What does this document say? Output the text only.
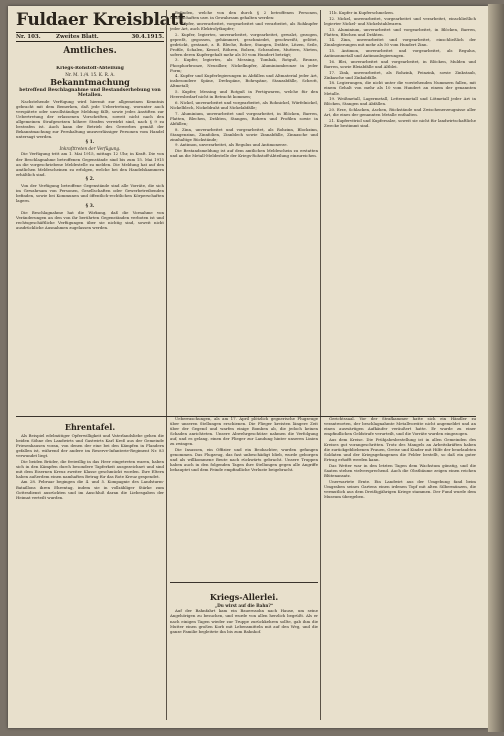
Fuldaer Kreisblatt
Nr. 103.	Zweites Blatt.	30.4.1915.
Amtliches.

Kriegs-Rohstoff-Abteilung

Nr. M. 1./4. 15. K. R. A.

Bekanntmachung

betreffend Beschlagnahme und Bestandserhebung von Metallen.

Nachstehende Verfügung wird hiermit zur allgemeinen Kenntnis gebracht mit dem Bemerken, daß jede Uebertretung, worunter auch verspätete oder unvollständige Meldung fällt, sowie jedes Anstiften zur Uebertretung der erlassenen Vorschriften, soweit nicht nach den allgemeinen Strafgesetzen höhere Strafen verwirkt sind, nach § 9 zu bestrafen ist. Auch kann der Betrieb des Gewerbes gemäß der Bekanntmachung zur Fernhaltung unzuverlässiger Personen vom Handel untersagt werden.

§ 1.

Inkrafttreten der Verfügung.

Die Verfügung tritt am 1. Mai 1915, mittags 12 Uhr, in Kraft. Die von der Beschlagnahme betroffenen Gegenstände sind bis zum 15. Mai 1915 an die vorgeschriebene Meldestelle zu melden. Die Meldung hat auf den amtlichen Meldescheinen zu erfolgen, welche bei den Handelskammern erhältlich sind.

§ 2.

Von der Verfügung betroffene Gegenstände sind alle Vorräte, die sich im Gewahrsam von Personen, Gesellschaften oder Gewerbetreibenden befinden, sowie bei Kommunen und öffentlich-rechtlichen Körperschaften lagern.

§ 3.

Die Beschlagnahme hat die Wirkung, daß die Vornahme von Veränderungen an den von ihr berührten Gegenständen verboten ist und rechtsgeschäftliche Verfügungen über sie nichtig sind, soweit nicht ausdrückliche Ausnahmen zugelassen werden.

Befinden, welche von den durch § 2 betroffenen Personen, Gesellschaften usw. in Gewahrsam gehalten werden:

1. Kupfer, unverarbeitet, vorgearbeitet und verarbeitet, als Rohkupfer jeder Art, auch Elektrolytkupfer;

2. Kupfer, legiertes, unverarbeitet, vorgearbeitet, gewalzt, gezogen, gepreßt, gegossen, gehämmert, geschmiedet, geschweißt, gelötet, gedrückt, gestanzt, z. B. Bleche, Rohre, Stangen, Drähte, Litzen, Seile, Profile, Schalen, Kessel, Röhren, Bolzen, Schrauben, Muttern, Nieten, sofern deren Kupfergehalt mehr als 50 vom Hundert beträgt;

3. Kupfer, legiertes, als Messing, Tombak, Rotguß, Bronze, Phosphorbronze, Neusilber, Nickelkupfer, Aluminiumbronze in jeder Form;

4. Kupfer und Kupferlegierungen in Abfällen und Altmaterial jeder Art, insbesondere Späne, Drehspäne, Bohrspäne, Stanzabfälle, Schrott, Altmetall;

5. Kupfer, Messing und Rotguß in Fertigwaren, welche für den Heeresbedarf nicht in Betracht kommen;

6. Nickel, unverarbeitet und vorgearbeitet, als Rohnickel, Würfelnickel, Nickelblech, Nickeldraht und Nickelabfälle;

7. Aluminium, unverarbeitet und vorgearbeitet, in Blöcken, Barren, Platten, Blechen, Drähten, Stangen, Rohren und Profilen sowie in Abfällen;

8. Zinn, unverarbeitet und vorgearbeitet, als Rohzinn, Blockzinn, Stangenzinn, Zinnfolien, Zinnblech sowie Zinnabfälle, Zinnasche und zinnhaltige Rückstände;

9. Antimon, unverarbeitet, als Regulus und Antimonerze.

Die Bestandsmeldung ist auf dem amtlichen Meldeschein zu erstatten und an die Metall-Meldestelle der Kriegs-Rohstoff-Abteilung einzureichen.

11b. Kupfer in Kupferschmelzen.

12. Nickel, unverarbeitet, vorgearbeitet und verarbeitet, einschließlich legierter Nickel- und Nickelstahlwaren.

13. Aluminium, unverarbeitet und vorgearbeitet, in Blöcken, Barren, Platten, Blechen und Drähten.

14. Zinn, unverarbeitet und vorgearbeitet, einschließlich der Zinnlegierungen mit mehr als 50 vom Hundert Zinn.

15. Antimon, unverarbeitet und vorgearbeitet, als Regulus, Antimonmetall und Antimonlegierungen.

16. Blei, unverarbeitet und vorgearbeitet, in Blöcken, Mulden und Barren, sowie Bleiabfälle und Altblei.

17. Zink, unverarbeitet, als Rohzink, Feinzink, sowie Zinkstaub, Zinkasche und Zinkabfälle.

18. Legierungen, die nicht unter die vorstehenden Nummern fallen, mit einem Gehalt von mehr als 10 vom Hundert an einem der genannten Metalle.

19. Weißmetall, Lagermetall, Letternmetall und Lötmetall jeder Art in Blöcken, Stangen und Abfällen.

20. Erze, Schlacken, Aschen, Rückstände und Zwischenerzeugnisse aller Art, die eines der genannten Metalle enthalten.

21. Kupfervitriol und Kupfersalze, soweit sie nicht für landwirtschaftliche Zwecke bestimmt sind.

Ehrentafel.

Als Beispiel edelmütiger Opferwilligkeit und Vaterlandsliebe gehen die beiden Söhne des Landwirts und Gastwirts Karl Kreß aus der Gemeinde Friesenhausen voran, von denen der eine bei den Kämpfen in Flandern gefallen ist, während der andere im Reserve-Infanterie-Regiment Nr. 83 verwundet liegt.

Die beiden Brüder, die freiwillig in das Heer eingetreten waren, haben sich in den Kämpfen durch besondere Tapferkeit ausgezeichnet und sind mit dem Eisernen Kreuz zweiter Klasse geschmückt worden. Ihre Eltern haben außerdem einen namhaften Betrag für das Rote Kreuz gespendet.

Am 28. Februar begingen die 4. und 5. Kompagnie des Landsturm-Bataillons ihren Ehrentag, indem sie in vollzähliger Stärke zum Gottesdienst ausrückten und im Anschluß daran die Liebesgaben der Heimat verteilt wurden.

Ueberraschungen, als am 17. April plötzlich gegnerische Flugzeuge über unseren Stellungen erschienen. Die Flieger kreisten längere Zeit über der Gegend und warfen einige Bomben ab, die jedoch keinen Schaden anrichteten. Unsere Abwehrgeschütze nahmen die Verfolgung auf, und es gelang, einen der Flieger zur Landung hinter unseren Linien zu zwingen.

Die Insassen, ein Offizier und ein Beobachter, wurden gefangen genommen. Das Flugzeug, das fast unbeschädigt blieb, wurde geborgen und als willkommene Beute nach rückwärts gebracht. Unsere Truppen haben auch in den folgenden Tagen ihre Stellungen gegen alle Angriffe behauptet und dem Feinde empfindliche Verluste beigebracht.

Kriegs-Allerlei.

„Du wirst auf die Bahn?“

Auf der Bahnfahrt kam ein Bauernsohn nach Hause, um seine Angehörigen zu besuchen, und wurde von allen herzlich begrüßt. Als er nach einigen Tagen wieder zur Truppe zurückkehren sollte, gab ihm die Mutter einen großen Korb mit Lebensmitteln mit auf den Weg, und die ganze Familie begleitete ihn bis zum Bahnhof.

Gerichtssaal. Vor der Strafkammer hatte sich ein Händler zu verantworten, der beschlagnahmte Metallvorräte nicht angemeldet und an einen auswärtigen Aufkäufer veräußert hatte. Er wurde zu einer empfindlichen Geldstrafe verurteilt, und die Vorräte wurden eingezogen.

Aus dem Kreise. Die Frühjahrsbestellung ist in allen Gemeinden des Kreises gut vorangeschritten. Trotz des Mangels an Arbeitskräften haben die zurückgebliebenen Frauen, Greise und Kinder mit Hilfe der beurlaubten Soldaten und der Kriegsgefangenen die Felder bestellt, so daß ein guter Ertrag erhofft werden kann.

Das Wetter war in den letzten Tagen dem Wachstum günstig, und die Saaten stehen vielversprechend. Auch die Obstbäume zeigen einen reichen Blütenansatz.

Unerwartete Ernte. Ein Landwirt aus der Umgebung fand beim Umgraben seines Gartens einen irdenen Topf mit alten Silbermünzen, die vermutlich aus dem Dreißigjährigen Kriege stammen. Der Fund wurde dem Museum übergeben.
